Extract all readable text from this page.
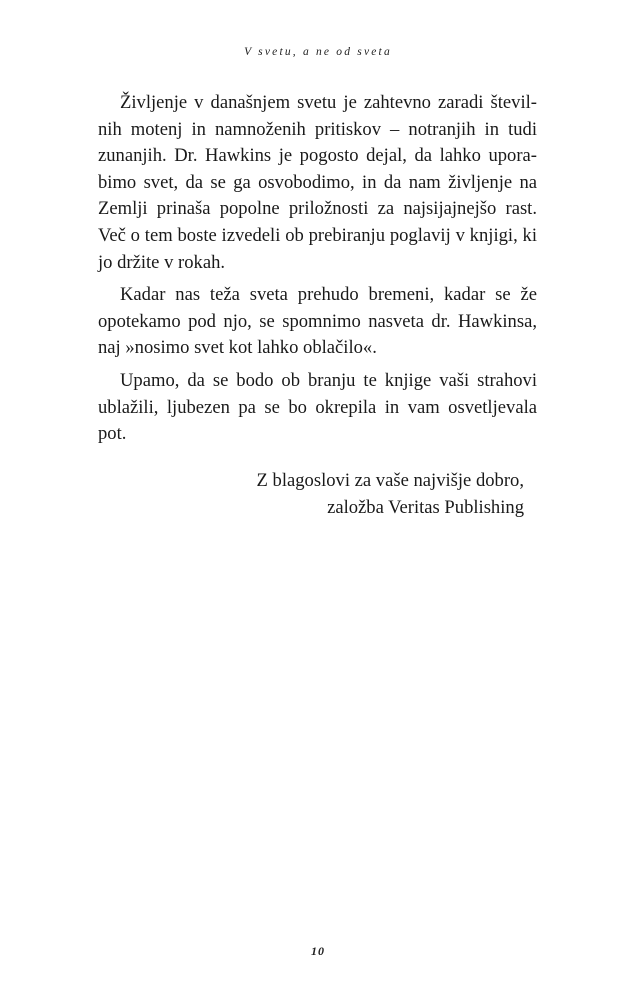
V svetu, a ne od sveta

Življenje v današnjem svetu je zahtevno zaradi številnih motenj in namnoženih pritiskov – notranjih in tudi zunanjih. Dr. Hawkins je pogosto dejal, da lahko uporabimo svet, da se ga osvobodimo, in da nam življenje na Zemlji prinaša popolne priložnosti za najsijajnejšo rast. Več o tem boste izvedeli ob prebiranju poglavij v knjigi, ki jo držite v rokah.

Kadar nas teža sveta prehudo bremeni, kadar se že opotekamo pod njo, se spomnimo nasveta dr. Hawkinsa, naj »nosimo svet kot lahko oblačilo«.

Upamo, da se bodo ob branju te knjige vaši strahovi ublažili, ljubezen pa se bo okrepila in vam osvetljevala pot.

Z blagoslovi za vaše najvišje dobro,
založba Veritas Publishing
10
